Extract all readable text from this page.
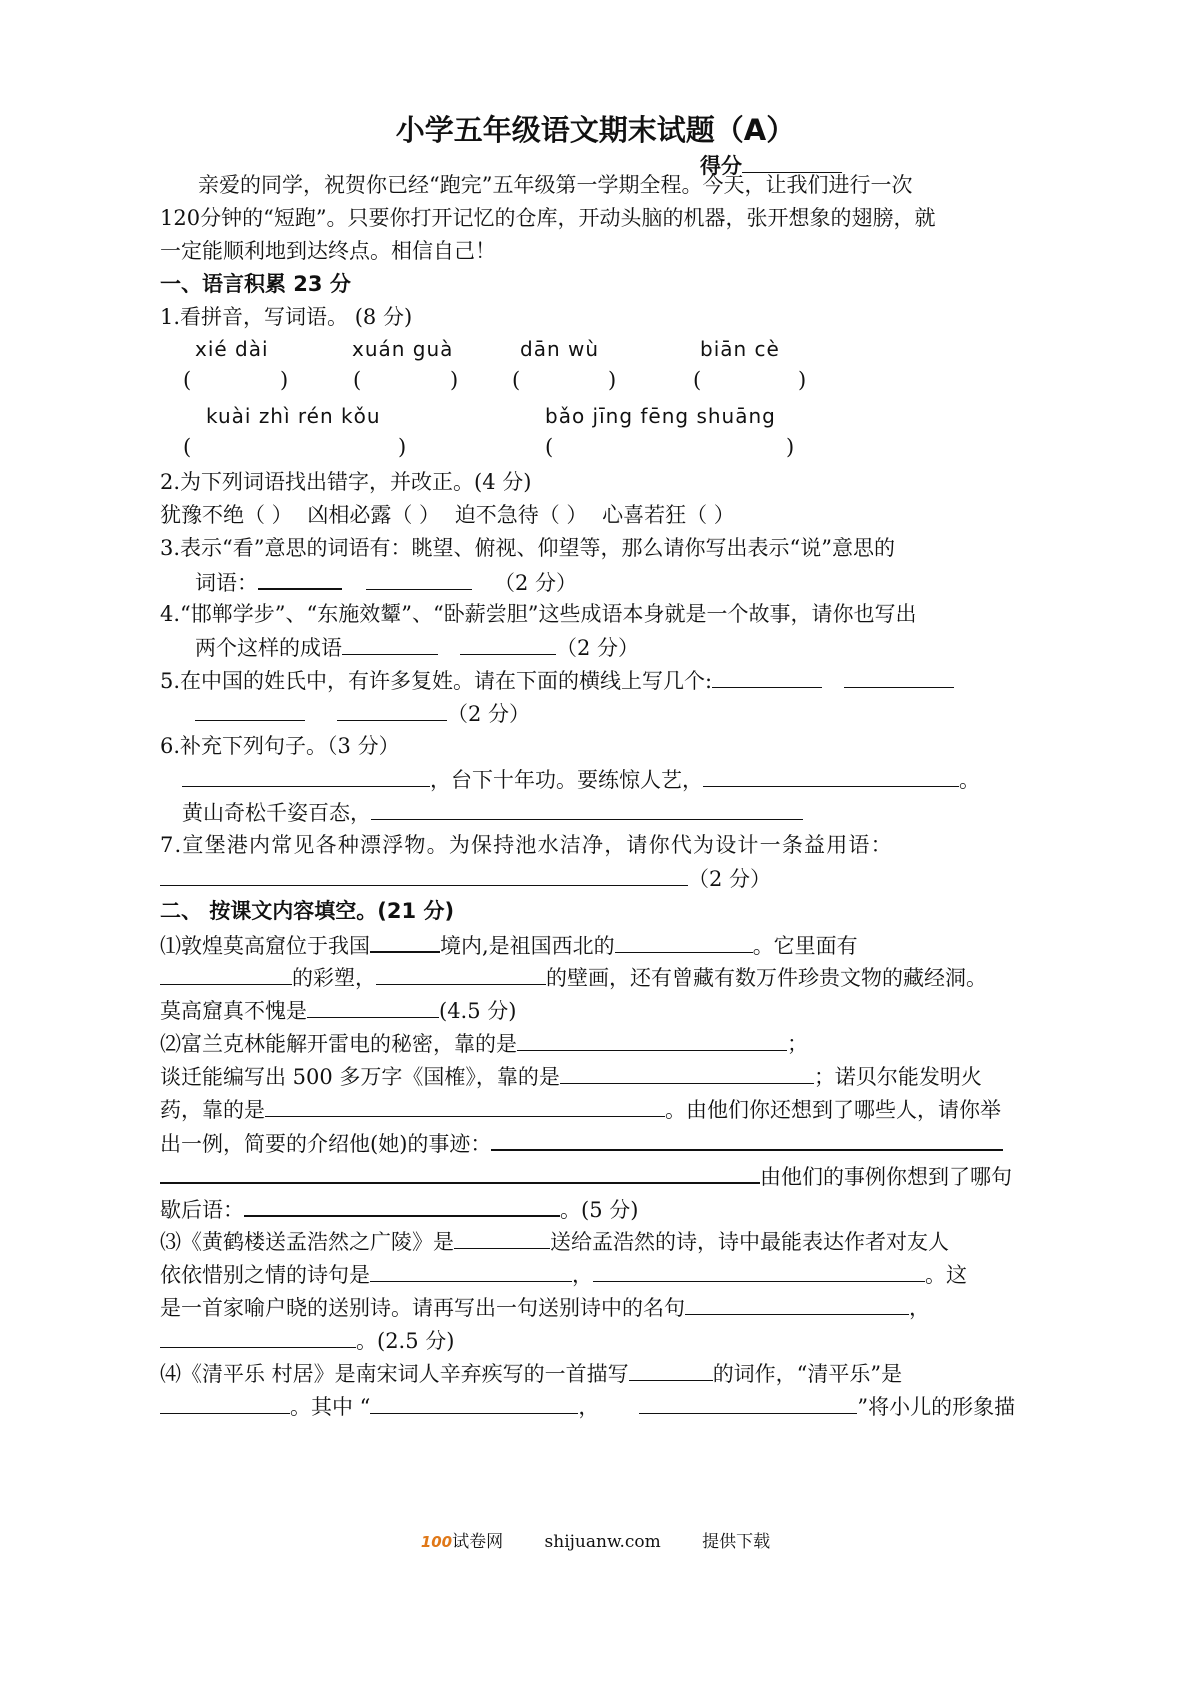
小学五年级语文期末试题（A）
得分
亲爱的同学，祝贺你已经“跑完”五年级第一学期全程。今天，让我们进行一次
120分钟的“短跑”。只要你打开记忆的仓库，开动头脑的机器，张开想象的翅膀，就
一定能顺利地到达终点。相信自己！
一、语言积累 23 分
1.看拼音，写词语。 (8 分)
xié dài	xuán guà	dān wù	biān cè
(	)	(	)	(	)	(	)
kuài zhì rén kǒu	bǎo jīng fēng shuāng
(	)	(	)
2.为下列词语找出错字，并改正。(4 分)
犹豫不绝（ ） 凶相必露（ ） 迫不急待（ ） 心喜若狂（ ）
3.表示“看”意思的词语有：眺望、俯视、仰望等，那么请你写出表示“说”意思的
词语：	（2 分）
4.“邯郸学步”、“东施效颦”、“卧薪尝胆”这些成语本身就是一个故事，请你也写出
两个这样的成语	（2 分）
5.在中国的姓氏中，有许多复姓。请在下面的横线上写几个:
（2 分）
6.补充下列句子。（3 分）
，台下十年功。要练惊人艺，	。
黄山奇松千姿百态，
7.宣堡港内常见各种漂浮物。为保持池水洁净，请你代为设计一条益用语：
（2 分）
二、 按课文内容填空。(21 分)
⑴敦煌莫高窟位于我国	境内,是祖国西北的	。它里面有
的彩塑，	的壁画，还有曾藏有数万件珍贵文物的藏经洞。
莫高窟真不愧是	(4.5 分)
⑵富兰克林能解开雷电的秘密，靠的是	；
谈迁能编写出 500 多万字《国榷》，靠的是	；诺贝尔能发明火
药，靠的是	。由他们你还想到了哪些人，请你举
出一例，简要的介绍他(她)的事迹：
由他们的事例你想到了哪句
歇后语：	。(5 分)
⑶《黄鹤楼送孟浩然之广陵》是	送给孟浩然的诗，诗中最能表达作者对友人
依依惜别之情的诗句是	，	。这
是一首家喻户晓的送别诗。请再写出一句送别诗中的名句	，
。(2.5 分)
⑷《清平乐 村居》是南宋词人辛弃疾写的一首描写	的词作，“清平乐”是
。其中 “	，	”将小儿的形象描
100试卷网 shijuanw.com 提供下载
